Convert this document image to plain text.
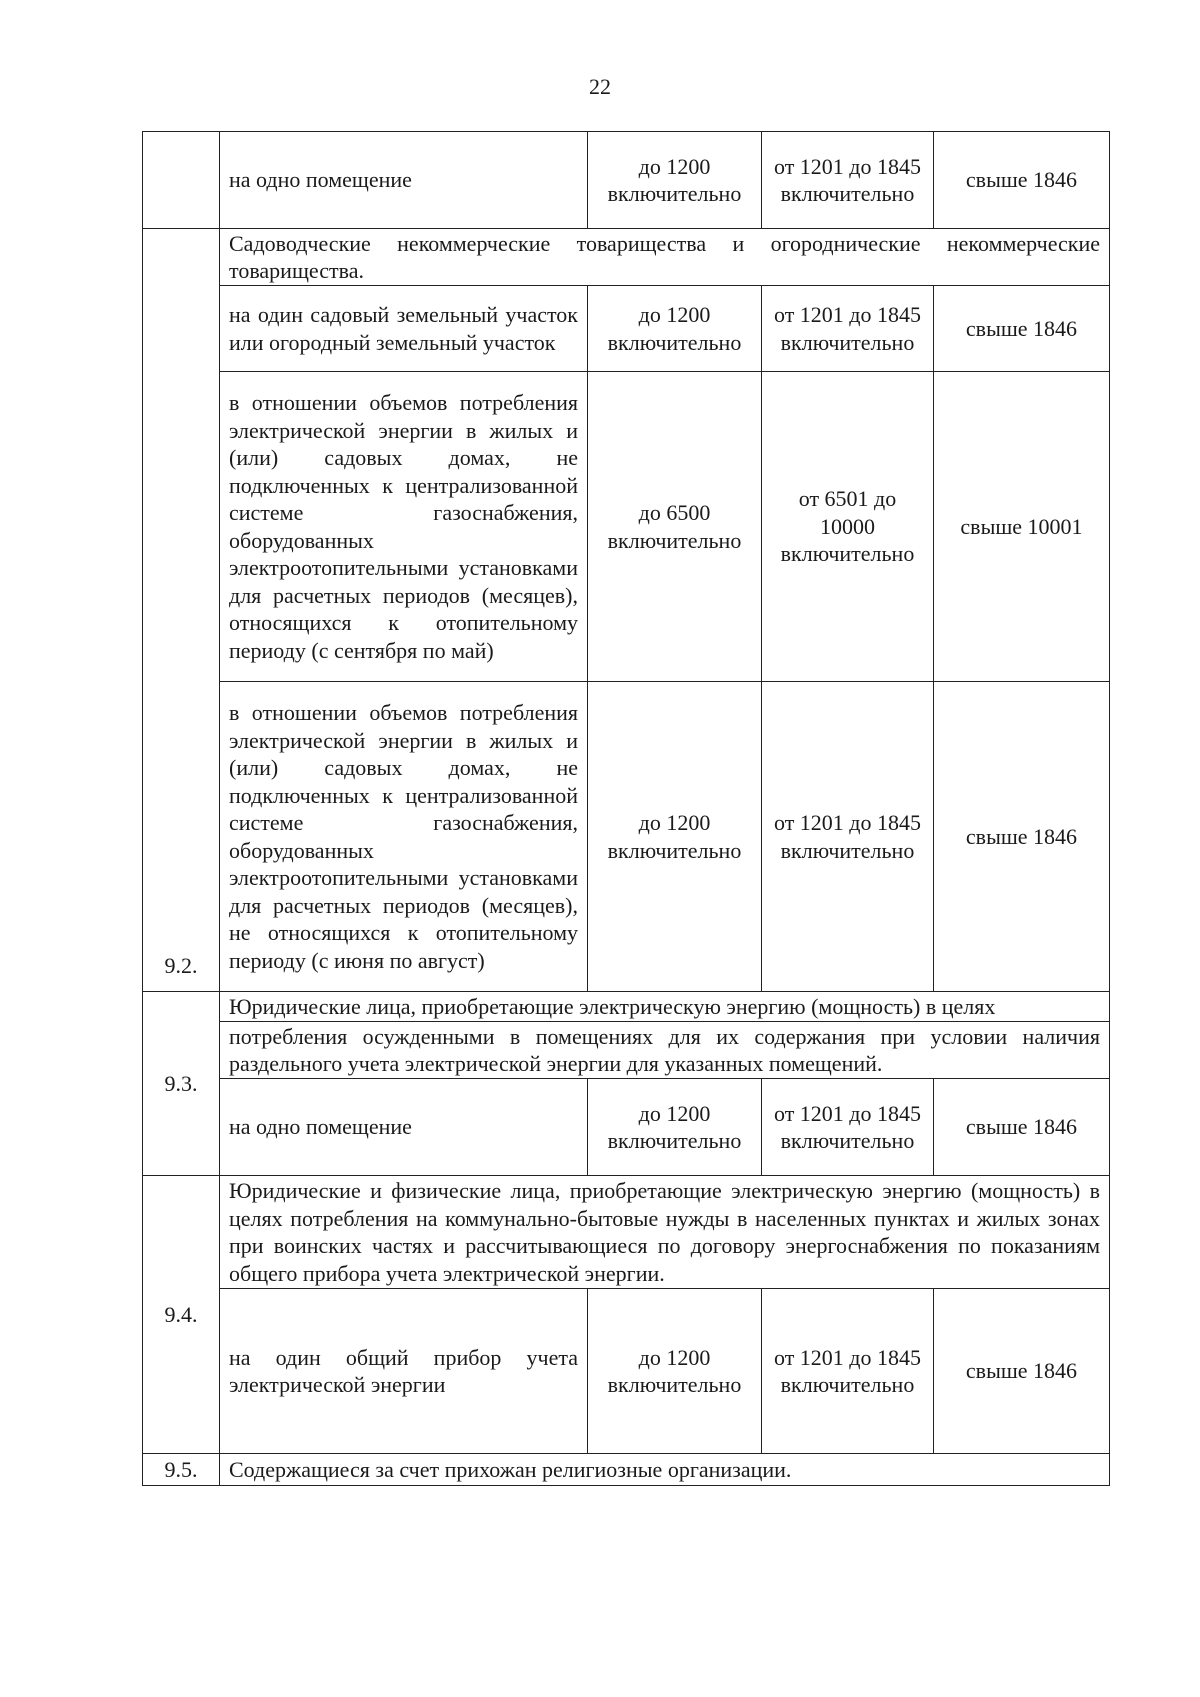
22
	на одно помещение	до 1200 включительно	от 1201 до 1845 включительно	свыше 1846
9.2.	Садоводческие некоммерческие товарищества и огороднические некоммерческие товарищества.			
	на один садовый земельный участок или огородный земельный участок	до 1200 включительно	от 1201 до 1845 включительно	свыше 1846
	в отношении объемов потребления электрической энергии в жилых и (или) садовых домах, не подключенных к централизованной системе газоснабжения, оборудованных электроотопительными установками для расчетных периодов (месяцев), относящихся к отопительному периоду (с сентября по май)	до 6500 включительно	от 6501 до 10000 включительно	свыше 10001
	в отношении объемов потребления электрической энергии в жилых и (или) садовых домах, не подключенных к централизованной системе газоснабжения, оборудованных электроотопительными установками для расчетных периодов (месяцев), не относящихся к отопительному периоду (с июня по август)	до 1200 включительно	от 1201 до 1845 включительно	свыше 1846
9.3.	Юридические лица, приобретающие электрическую энергию (мощность) в целях			
	потребления осужденными в помещениях для их содержания при условии наличия раздельного учета электрической энергии для указанных помещений.			
	на одно помещение	до 1200 включительно	от 1201 до 1845 включительно	свыше 1846
9.4.	Юридические и физические лица, приобретающие электрическую энергию (мощность) в целях потребления на коммунально-бытовые нужды в населенных пунктах и жилых зонах при воинских частях и рассчитывающиеся по договору энергоснабжения по показаниям общего прибора учета электрической энергии.			
	на один общий прибор учета электрической энергии	до 1200 включительно	от 1201 до 1845 включительно	свыше 1846
9.5.	Содержащиеся за счет прихожан религиозные организации.			
